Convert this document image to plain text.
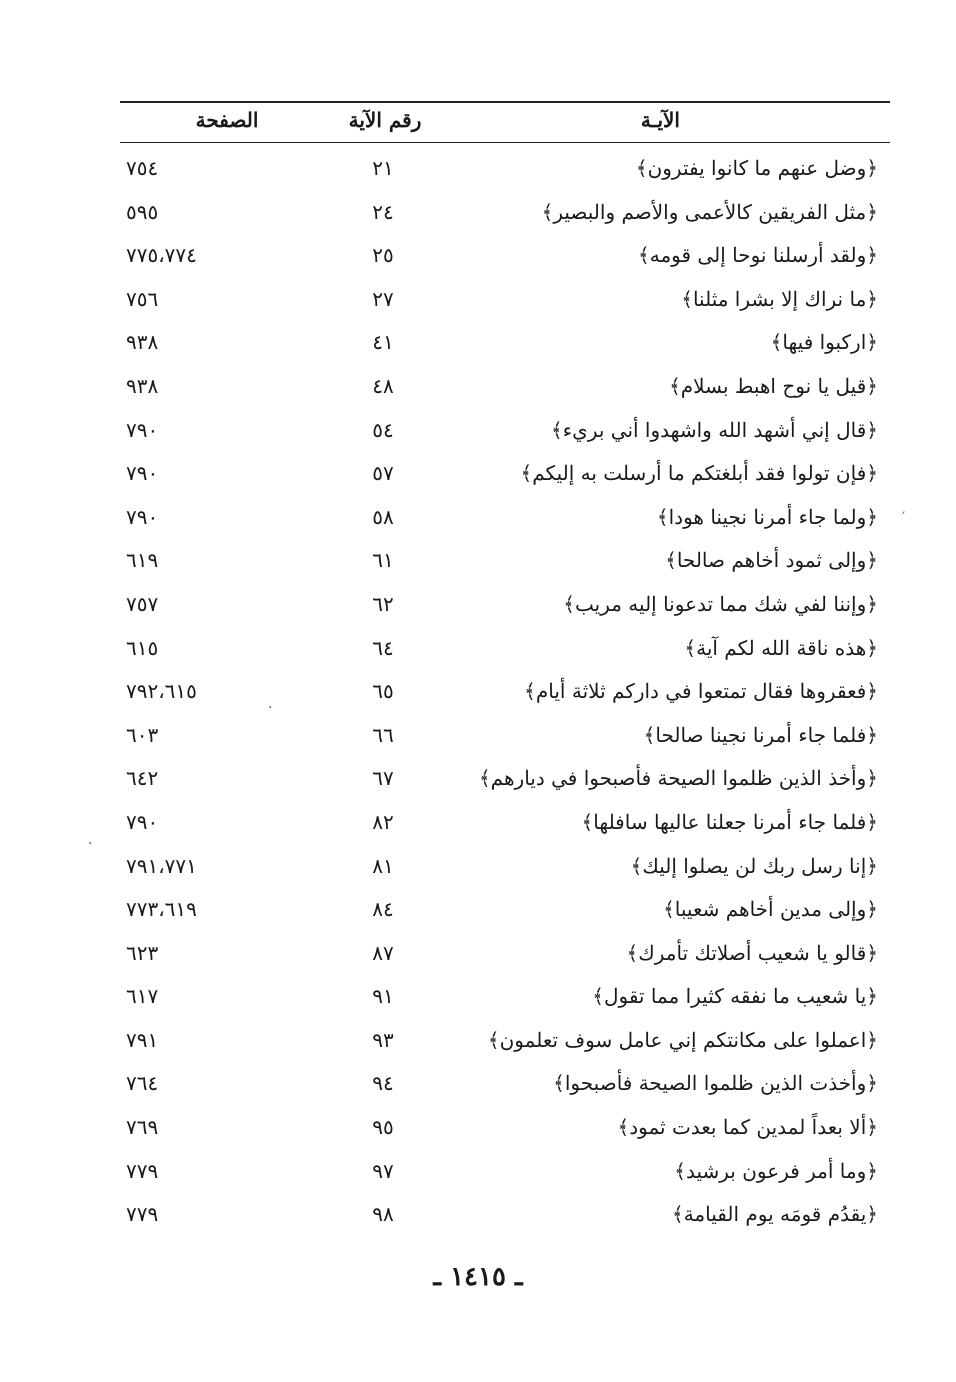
الآيـة
رقم الآية
الصفحة
﴿وضل عنهم ما كانوا يفترون﴾
٢١
٧٥٤
﴿مثل الفريقين كالأعمى والأصم والبصير﴾
٢٤
٥٩٥
﴿ولقد أرسلنا نوحا إلى قومه﴾
٢٥
٧٧٥،٧٧٤
﴿ما نراك إلا بشرا مثلنا﴾
٢٧
٧٥٦
﴿اركبوا فيها﴾
٤١
٩٣٨
﴿قيل يا نوح اهبط بسلام﴾
٤٨
٩٣٨
﴿قال إني أشهد الله واشهدوا أني بريء﴾
٥٤
٧٩٠
﴿فإن تولوا فقد أبلغتكم ما أرسلت به إليكم﴾
٥٧
٧٩٠
﴿ولما جاء أمرنا نجينا هودا﴾
٥٨
٧٩٠
﴿وإلى ثمود أخاهم صالحا﴾
٦١
٦١٩
﴿وإننا لفي شك مما تدعونا إليه مريب﴾
٦٢
٧٥٧
﴿هذه ناقة الله لكم آية﴾
٦٤
٦١٥
﴿فعقروها فقال تمتعوا في داركم ثلاثة أيام﴾
٦٥
٧٩٢،٦١٥
﴿فلما جاء أمرنا نجينا صالحا﴾
٦٦
٦٠٣
﴿وأخذ الذين ظلموا الصيحة فأصبحوا في ديارهم﴾
٦٧
٦٤٢
﴿فلما جاء أمرنا جعلنا عاليها سافلها﴾
٨٢
٧٩٠
﴿إنا رسل ربك لن يصلوا إليك﴾
٨١
٧٩١،٧٧١
﴿وإلى مدين أخاهم شعيبا﴾
٨٤
٧٧٣،٦١٩
﴿قالو يا شعيب أصلاتك تأمرك﴾
٨٧
٦٢٣
﴿يا شعيب ما نفقه كثيرا مما تقول﴾
٩١
٦١٧
﴿اعملوا على مكانتكم إني عامل سوف تعلمون﴾
٩٣
٧٩١
﴿وأخذت الذين ظلموا الصيحة فأصبحوا﴾
٩٤
٧٦٤
﴿ألا بعداً لمدين كما بعدت ثمود﴾
٩٥
٧٦٩
﴿وما أمر فرعون برشيد﴾
٩٧
٧٧٩
﴿يقدُم قومَه يوم القيامة﴾
٩٨
٧٧٩
′
·
·
ـ ١٤١٥ ـ
